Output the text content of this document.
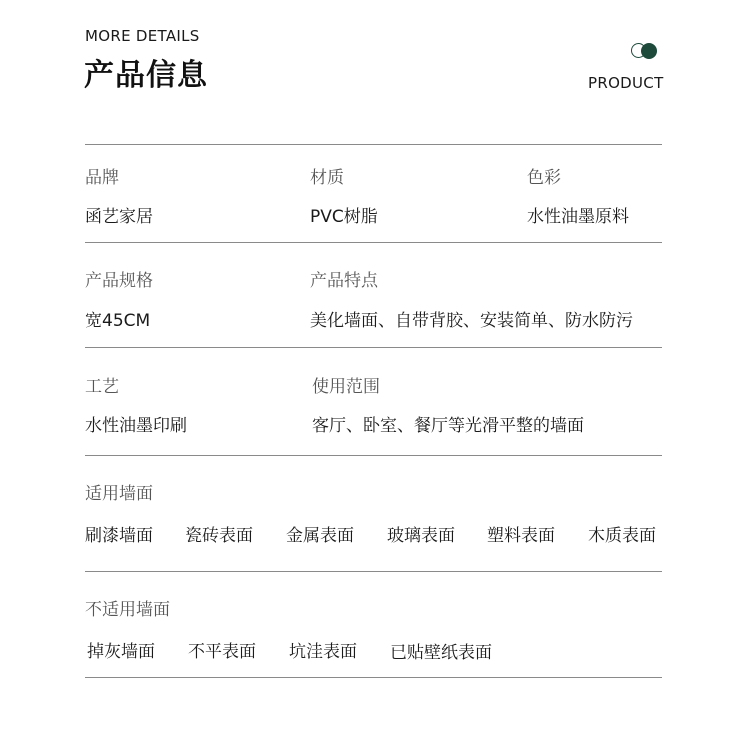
MORE DETAILS
产品信息	PRODUCT
品牌
函艺家居
材质
PVC树脂
色彩
水性油墨原料
产品规格
宽45CM
产品特点
美化墙面、自带背胶、安装简单、防水防污
工艺
水性油墨印刷
使用范围
客厅、卧室、餐厅等光滑平整的墙面
适用墙面
刷漆墙面 瓷砖表面 金属表面 玻璃表面 塑料表面 木质表面
不适用墙面
掉灰墙面 不平表面 坑洼表面 已贴壁纸表面
